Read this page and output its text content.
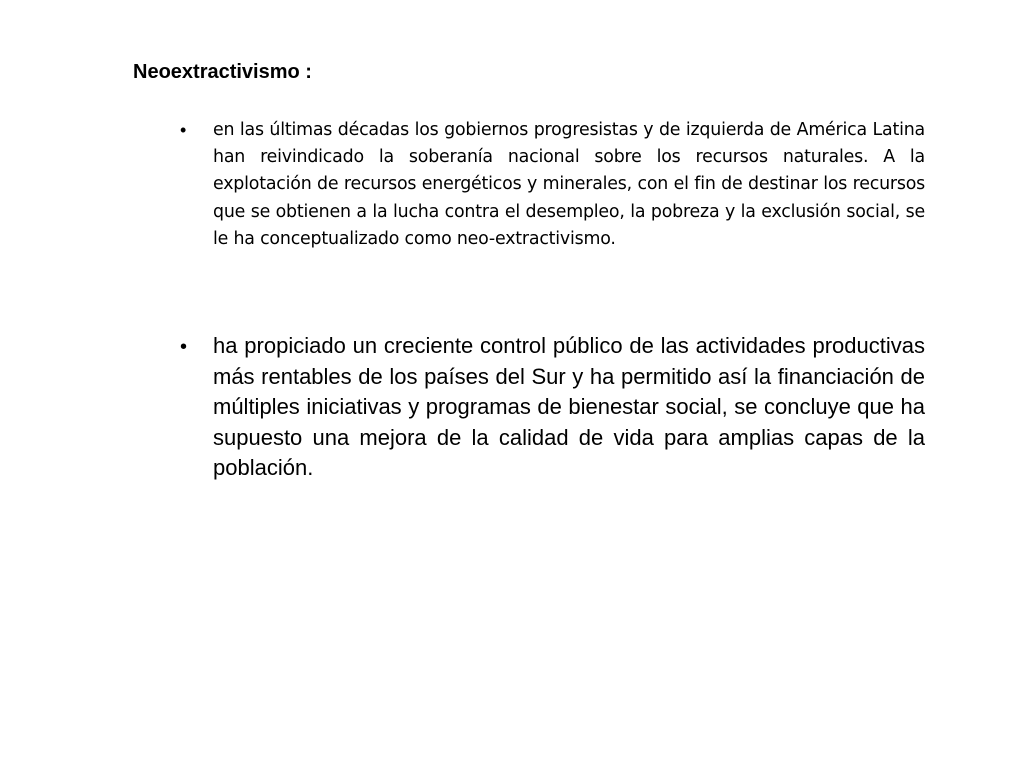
Neoextractivismo :
• en las últimas décadas los gobiernos progresistas y de izquierda de América Latina han reivindicado la soberanía nacional sobre los recursos naturales. A la explotación de recursos energéticos y minerales, con el fin de destinar los recursos que se obtienen a la lucha contra el desempleo, la pobreza y la exclusión social, se le ha conceptualizado como neo-extractivismo.
• ha propiciado un creciente control público de las actividades productivas más rentables de los países del Sur y ha permitido así la financiación de múltiples iniciativas y programas de bienestar social, se concluye que ha supuesto una mejora de la calidad de vida para amplias capas de la población.
